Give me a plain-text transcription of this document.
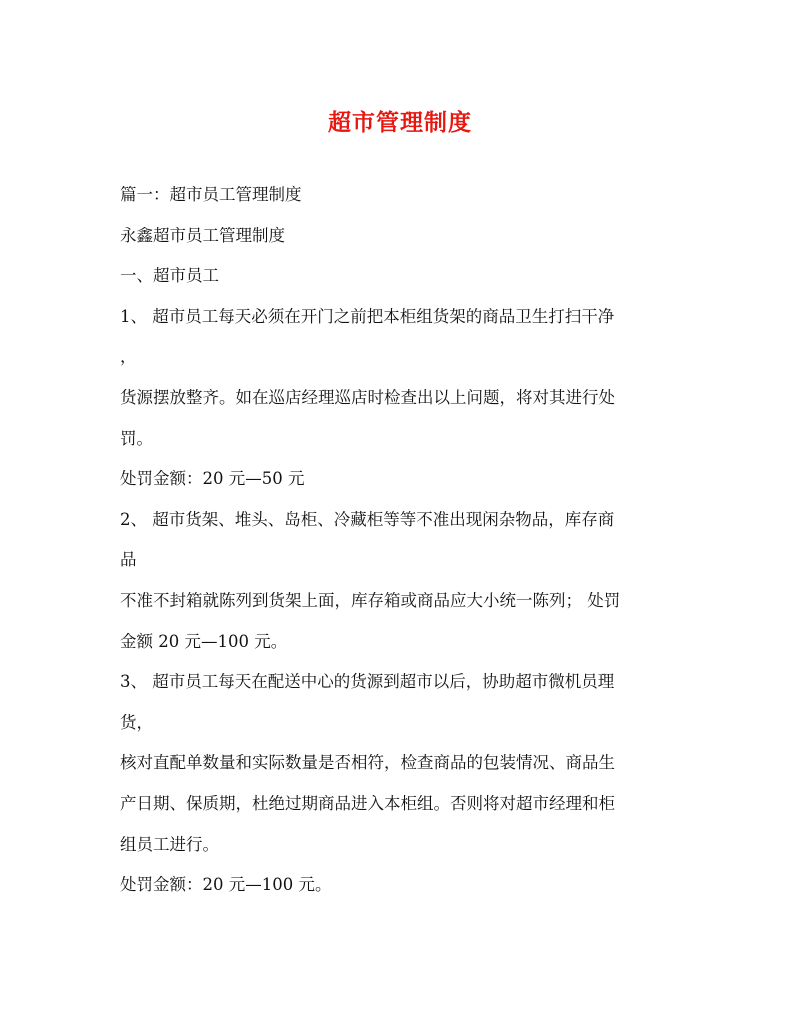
超市管理制度
篇一：超市员工管理制度
永鑫超市员工管理制度
一、超市员工
1、 超市员工每天必须在开门之前把本柜组货架的商品卫生打扫干净
，
货源摆放整齐。如在巡店经理巡店时检查出以上问题，将对其进行处
罚。
处罚金额：20 元—50 元
2、 超市货架、堆头、岛柜、冷藏柜等等不准出现闲杂物品，库存商
品
不准不封箱就陈列到货架上面，库存箱或商品应大小统一陈列； 处罚
金额 20 元—100 元。
3、 超市员工每天在配送中心的货源到超市以后，协助超市微机员理
货，
核对直配单数量和实际数量是否相符，检查商品的包装情况、商品生
产日期、保质期，杜绝过期商品进入本柜组。否则将对超市经理和柜
组员工进行。
处罚金额：20 元—100 元。
